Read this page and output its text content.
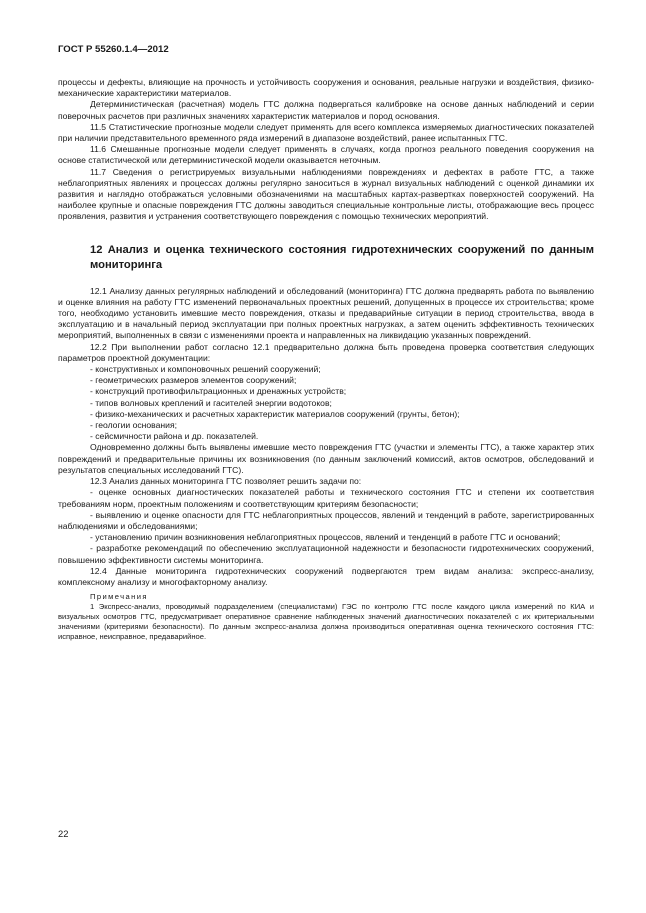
ГОСТ Р 55260.1.4—2012

процессы и дефекты, влияющие на прочность и устойчивость сооружения и основания, реальные нагрузки и воздействия, физико-механические характеристики материалов.

Детерминистическая (расчетная) модель ГТС должна подвергаться калибровке на основе данных наблюдений и серии поверочных расчетов при различных значениях характеристик материалов и пород основания.

11.5 Статистические прогнозные модели следует применять для всего комплекса измеряемых диагностических показателей при наличии представительного временного ряда измерений в диапазоне воздействий, ранее испытанных ГТС.

11.6 Смешанные прогнозные модели следует применять в случаях, когда прогноз реального поведения сооружения на основе статистической или детерминистической модели оказывается неточным.

11.7 Сведения о регистрируемых визуальными наблюдениями повреждениях и дефектах в работе ГТС, а также неблагоприятных явлениях и процессах должны регулярно заноситься в журнал визуальных наблюдений с оценкой динамики их развития и наглядно отображаться условными обозначениями на масштабных картах-развертках поверхностей сооружений. На наиболее крупные и опасные повреждения ГТС должны заводиться специальные контрольные листы, отображающие весь процесс проявления, развития и устранения соответствующего повреждения с помощью технических мероприятий.

12 Анализ и оценка технического состояния гидротехнических сооружений по данным мониторинга

12.1 Анализу данных регулярных наблюдений и обследований (мониторинга) ГТС должна предварять работа по выявлению и оценке влияния на работу ГТС изменений первоначальных проектных решений, допущенных в процессе их строительства; кроме того, необходимо установить имевшие место повреждения, отказы и предаварийные ситуации в период строительства, ввода в эксплуатацию и в начальный период эксплуатации при полных проектных нагрузках, а затем оценить эффективность технических мероприятий, выполненных в связи с изменениями проекта и направленных на ликвидацию указанных повреждений.

12.2 При выполнении работ согласно 12.1 предварительно должна быть проведена проверка соответствия следующих параметров проектной документации:

- конструктивных и компоновочных решений сооружений;

- геометрических размеров элементов сооружений;

- конструкций противофильтрационных и дренажных устройств;

- типов волновых креплений и гасителей энергии водотоков;

- физико-механических и расчетных характеристик материалов сооружений (грунты, бетон);

- геологии основания;

- сейсмичности района и др. показателей.

Одновременно должны быть выявлены имевшие место повреждения ГТС (участки и элементы ГТС), а также характер этих повреждений и предварительные причины их возникновения (по данным заключений комиссий, актов осмотров, обследований и результатов специальных исследований ГТС).

12.3 Анализ данных мониторинга ГТС позволяет решить задачи по:

- оценке основных диагностических показателей работы и технического состояния ГТС и степени их соответствия требованиям норм, проектным положениям и соответствующим критериям безопасности;

- выявлению и оценке опасности для ГТС неблагоприятных процессов, явлений и тенденций в работе, зарегистрированных наблюдениями и обследованиями;

- установлению причин возникновения неблагоприятных процессов, явлений и тенденций в работе ГТС и оснований;

- разработке рекомендаций по обеспечению эксплуатационной надежности и безопасности гидротехнических сооружений, повышению эффективности системы мониторинга.

12.4 Данные мониторинга гидротехнических сооружений подвергаются трем видам анализа: экспресс-анализу, комплексному анализу и многофакторному анализу.

Примечания

1 Экспресс-анализ, проводимый подразделением (специалистами) ГЭС по контролю ГТС после каждого цикла измерений по КИА и визуальных осмотров ГТС, предусматривает оперативное сравнение наблюденных значений диагностических показателей с их критериальными значениями (критериями безопасности). По данным экспресс-анализа должна производиться оперативная оценка технического состояния ГТС: исправное, неисправное, предаварийное.

22
